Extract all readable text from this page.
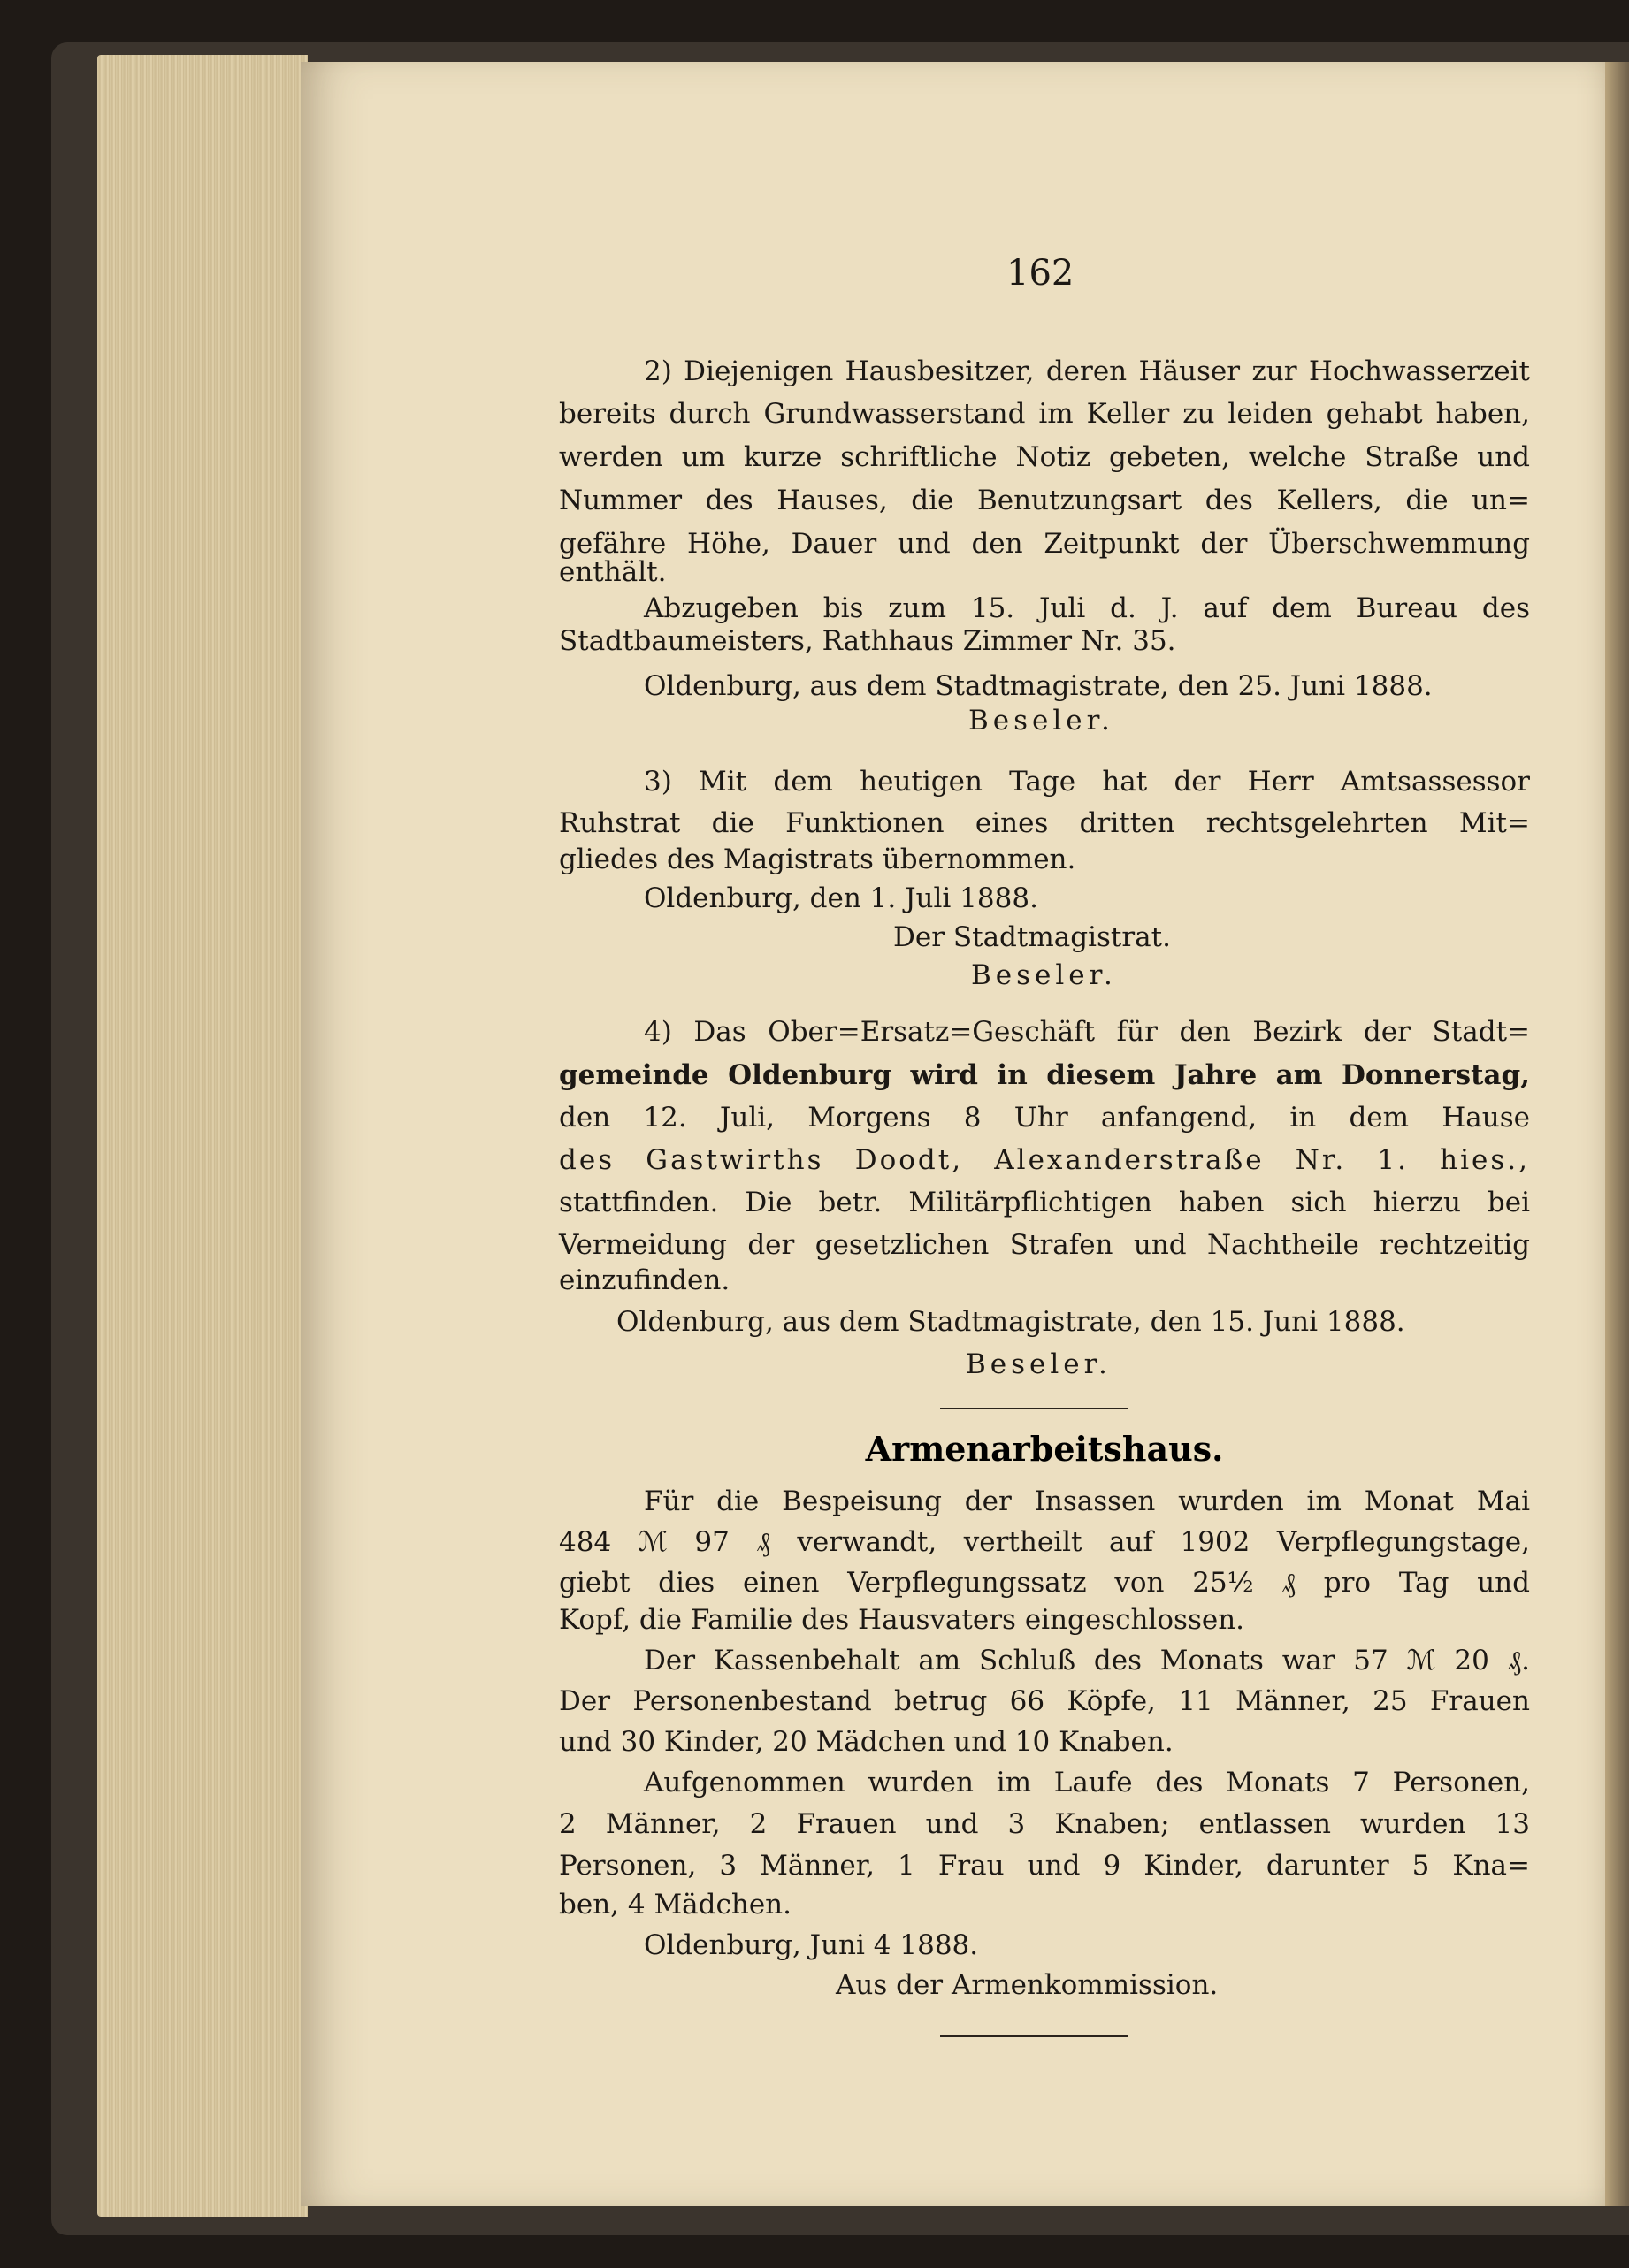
162
2) Diejenigen Hausbesitzer, deren Häuser zur Hochwasserzeit
bereits durch Grundwasserstand im Keller zu leiden gehabt haben,
werden um kurze schriftliche Notiz gebeten, welche Straße und
Nummer des Hauses, die Benutzungsart des Kellers, die un=
gefähre Höhe, Dauer und den Zeitpunkt der Überschwemmung
enthält.
Abzugeben bis zum 15. Juli d. J. auf dem Bureau des
Stadtbaumeisters, Rathhaus Zimmer Nr. 35.
Oldenburg, aus dem Stadtmagistrate, den 25. Juni 1888.
Beseler.
3) Mit dem heutigen Tage hat der Herr Amtsassessor
Ruhstrat die Funktionen eines dritten rechtsgelehrten Mit=
gliedes des Magistrats übernommen.
Oldenburg, den 1. Juli 1888.
Der Stadtmagistrat.
Beseler.
4) Das Ober=Ersatz=Geschäft für den Bezirk der Stadt=
gemeinde Oldenburg wird in diesem Jahre am Donnerstag,
den 12. Juli, Morgens 8 Uhr anfangend, in dem Hause
des Gastwirths Doodt, Alexanderstraße Nr. 1. hies.,
stattfinden. Die betr. Militärpflichtigen haben sich hierzu bei
Vermeidung der gesetzlichen Strafen und Nachtheile rechtzeitig
einzufinden.
Oldenburg, aus dem Stadtmagistrate, den 15. Juni 1888.
Beseler.
Armenarbeitshaus.
Für die Bespeisung der Insassen wurden im Monat Mai
484 ℳ 97 ₰ verwandt, vertheilt auf 1902 Verpflegungstage,
giebt dies einen Verpflegungssatz von 25½ ₰ pro Tag und
Kopf, die Familie des Hausvaters eingeschlossen.
Der Kassenbehalt am Schluß des Monats war 57 ℳ 20 ₰.
Der Personenbestand betrug 66 Köpfe, 11 Männer, 25 Frauen
und 30 Kinder, 20 Mädchen und 10 Knaben.
Aufgenommen wurden im Laufe des Monats 7 Personen,
2 Männer, 2 Frauen und 3 Knaben; entlassen wurden 13
Personen, 3 Männer, 1 Frau und 9 Kinder, darunter 5 Kna=
ben, 4 Mädchen.
Oldenburg, Juni 4 1888.
Aus der Armenkommission.
